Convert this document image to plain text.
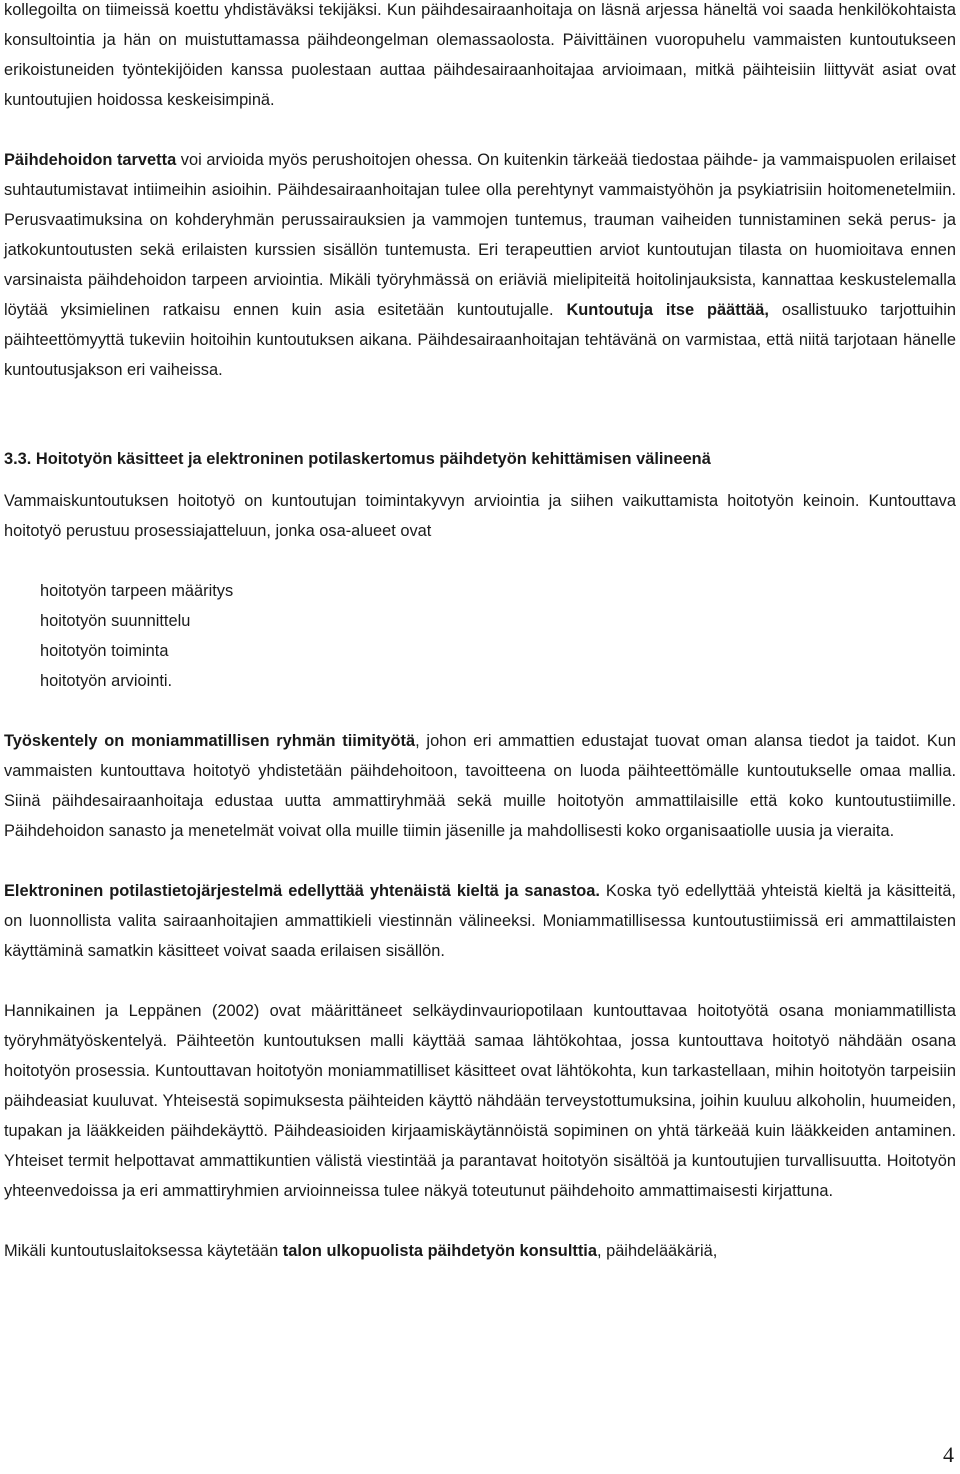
kollegoilta on tiimeissä koettu yhdistäväksi tekijäksi. Kun päihdesairaanhoitaja on läsnä arjessa häneltä voi saada henkilökohtaista konsultointia ja hän on muistuttamassa päihdeongelman olemassaolosta. Päivittäinen vuoropuhelu vammaisten kuntoutukseen erikoistuneiden työntekijöiden kanssa puolestaan auttaa päihdesairaanhoitajaa arvioimaan, mitkä päihteisiin liittyvät asiat ovat kuntoutujien hoidossa keskeisimpinä.

Päihdehoidon tarvetta voi arvioida myös perushoitojen ohessa. On kuitenkin tärkeää tiedostaa päihde- ja vammaispuolen erilaiset suhtautumistavat intiimeihin asioihin. Päihdesairaanhoitajan tulee olla perehtynyt vammaistyöhön ja psykiatrisiin hoitomenetelmiin. Perusvaatimuksina on kohderyhmän perussairauksien ja vammojen tuntemus, trauman vaiheiden tunnistaminen sekä perus- ja jatkokuntoutusten sekä erilaisten kurssien sisällön tuntemusta. Eri terapeuttien arviot kuntoutujan tilasta on huomioitava ennen varsinaista päihdehoidon tarpeen arviointia. Mikäli työryhmässä on eriäviä mielipiteitä hoitolinjauksista, kannattaa keskustelemalla löytää yksimielinen ratkaisu ennen kuin asia esitetään kuntoutujalle. Kuntoutuja itse päättää, osallistuuko tarjottuihin päihteettömyyttä tukeviin hoitoihin kuntoutuksen aikana. Päihdesairaanhoitajan tehtävänä on varmistaa, että niitä tarjotaan hänelle kuntoutusjakson eri vaiheissa.

3.3. Hoitotyön käsitteet ja elektroninen potilaskertomus päihdetyön kehittämisen välineenä

Vammaiskuntoutuksen hoitotyö on kuntoutujan toimintakyvyn arviointia ja siihen vaikuttamista hoitotyön keinoin. Kuntouttava hoitotyö perustuu prosessiajatteluun, jonka osa-alueet ovat

hoitotyön tarpeen määritys
hoitotyön suunnittelu
hoitotyön toiminta
hoitotyön arviointi.

Työskentely on moniammatillisen ryhmän tiimityötä, johon eri ammattien edustajat tuovat oman alansa tiedot ja taidot. Kun vammaisten kuntouttava hoitotyö yhdistetään päihdehoitoon, tavoitteena on luoda päihteettömälle kuntoutukselle omaa mallia. Siinä päihdesairaanhoitaja edustaa uutta ammattiryhmää sekä muille hoitotyön ammattilaisille että koko kuntoutustiimille. Päihdehoidon sanasto ja menetelmät voivat olla muille tiimin jäsenille ja mahdollisesti koko organisaatiolle uusia ja vieraita.

Elektroninen potilastietojärjestelmä edellyttää yhtenäistä kieltä ja sanastoa. Koska työ edellyttää yhteistä kieltä ja käsitteitä, on luonnollista valita sairaanhoitajien ammattikieli viestinnän välineeksi. Moniammatillisessa kuntoutustiimissä eri ammattilaisten käyttäminä samatkin käsitteet voivat saada erilaisen sisällön.

Hannikainen ja Leppänen (2002) ovat määrittäneet selkäydinvauriopotilaan kuntouttavaa hoitotyötä osana moniammatillista työryhmätyöskentelyä. Päihteetön kuntoutuksen malli käyttää samaa lähtökohtaa, jossa kuntouttava hoitotyö nähdään osana hoitotyön prosessia. Kuntouttavan hoitotyön moniammatilliset käsitteet ovat lähtökohta, kun tarkastellaan, mihin hoitotyön tarpeisiin päihdeasiat kuuluvat. Yhteisestä sopimuksesta päihteiden käyttö nähdään terveystottumuksina, joihin kuuluu alkoholin, huumeiden, tupakan ja lääkkeiden päihdekäyttö. Päihdeasioiden kirjaamiskäytännöistä sopiminen on yhtä tärkeää kuin lääkkeiden antaminen. Yhteiset termit helpottavat ammattikuntien välistä viestintää ja parantavat hoitotyön sisältöä ja kuntoutujien turvallisuutta. Hoitotyön yhteenvedoissa ja eri ammattiryhmien arvioinneissa tulee näkyä toteutunut päihdehoito ammattimaisesti kirjattuna.

Mikäli kuntoutuslaitoksessa käytetään talon ulkopuolista päihdetyön konsulttia, päihdelääkäriä,

4
